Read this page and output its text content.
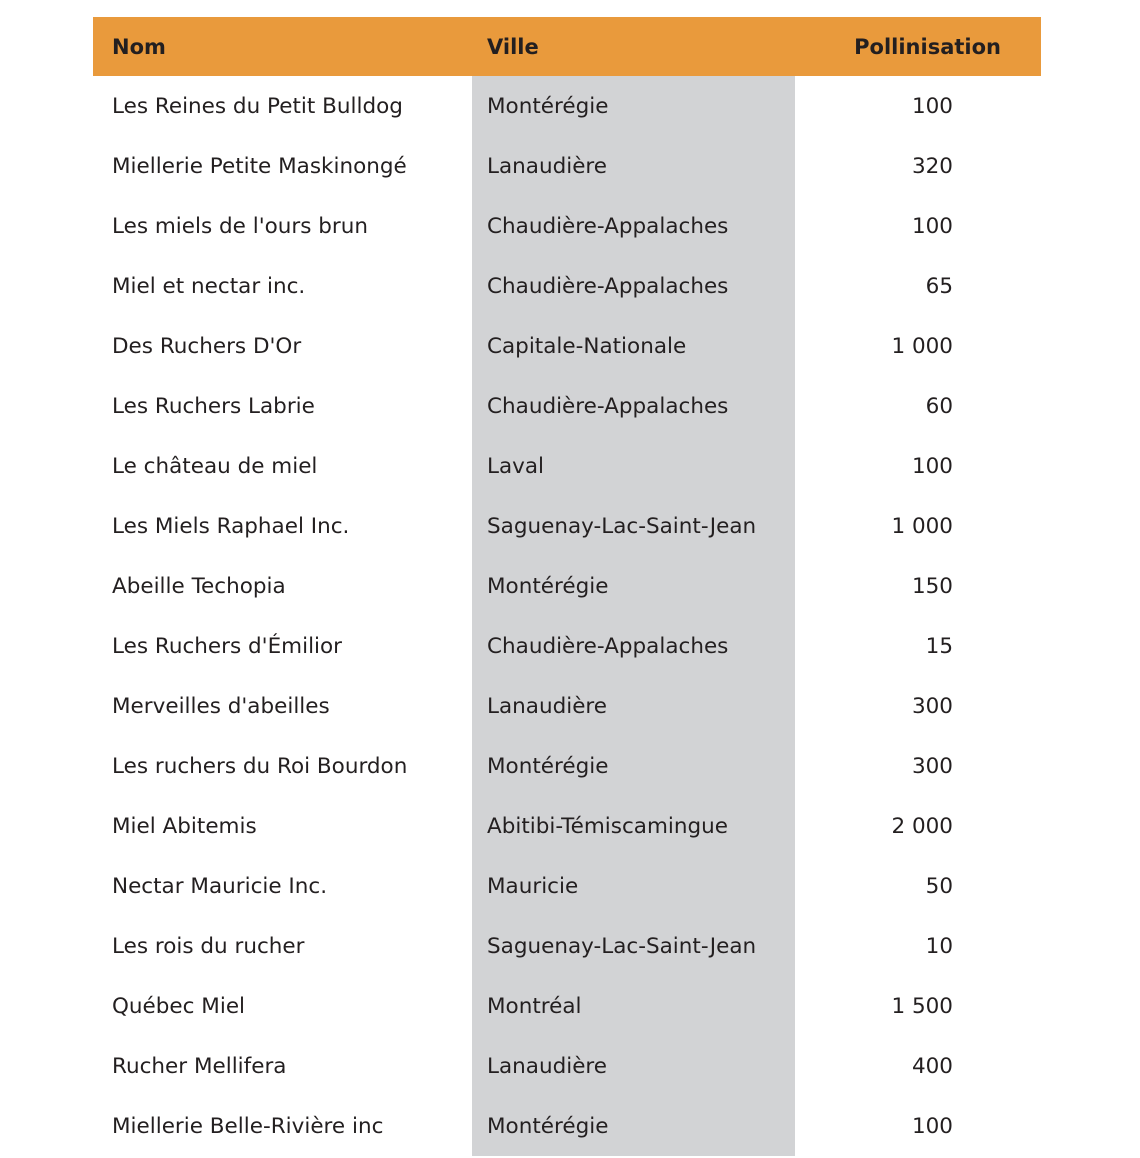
Nom	Ville	Pollinisation
Les Reines du Petit Bulldog	Montérégie	100
Miellerie Petite Maskinongé	Lanaudière	320
Les miels de l'ours brun	Chaudière-Appalaches	100
Miel et nectar inc.	Chaudière-Appalaches	65
Des Ruchers D'Or	Capitale-Nationale	1 000
Les Ruchers Labrie	Chaudière-Appalaches	60
Le château de miel	Laval	100
Les Miels Raphael Inc.	Saguenay-Lac-Saint-Jean	1 000
Abeille Techopia	Montérégie	150
Les Ruchers d'Émilior	Chaudière-Appalaches	15
Merveilles d'abeilles	Lanaudière	300
Les ruchers du Roi Bourdon	Montérégie	300
Miel Abitemis	Abitibi-Témiscamingue	2 000
Nectar Mauricie Inc.	Mauricie	50
Les rois du rucher	Saguenay-Lac-Saint-Jean	10
Québec Miel	Montréal	1 500
Rucher Mellifera	Lanaudière	400
Miellerie Belle-Rivière inc	Montérégie	100
